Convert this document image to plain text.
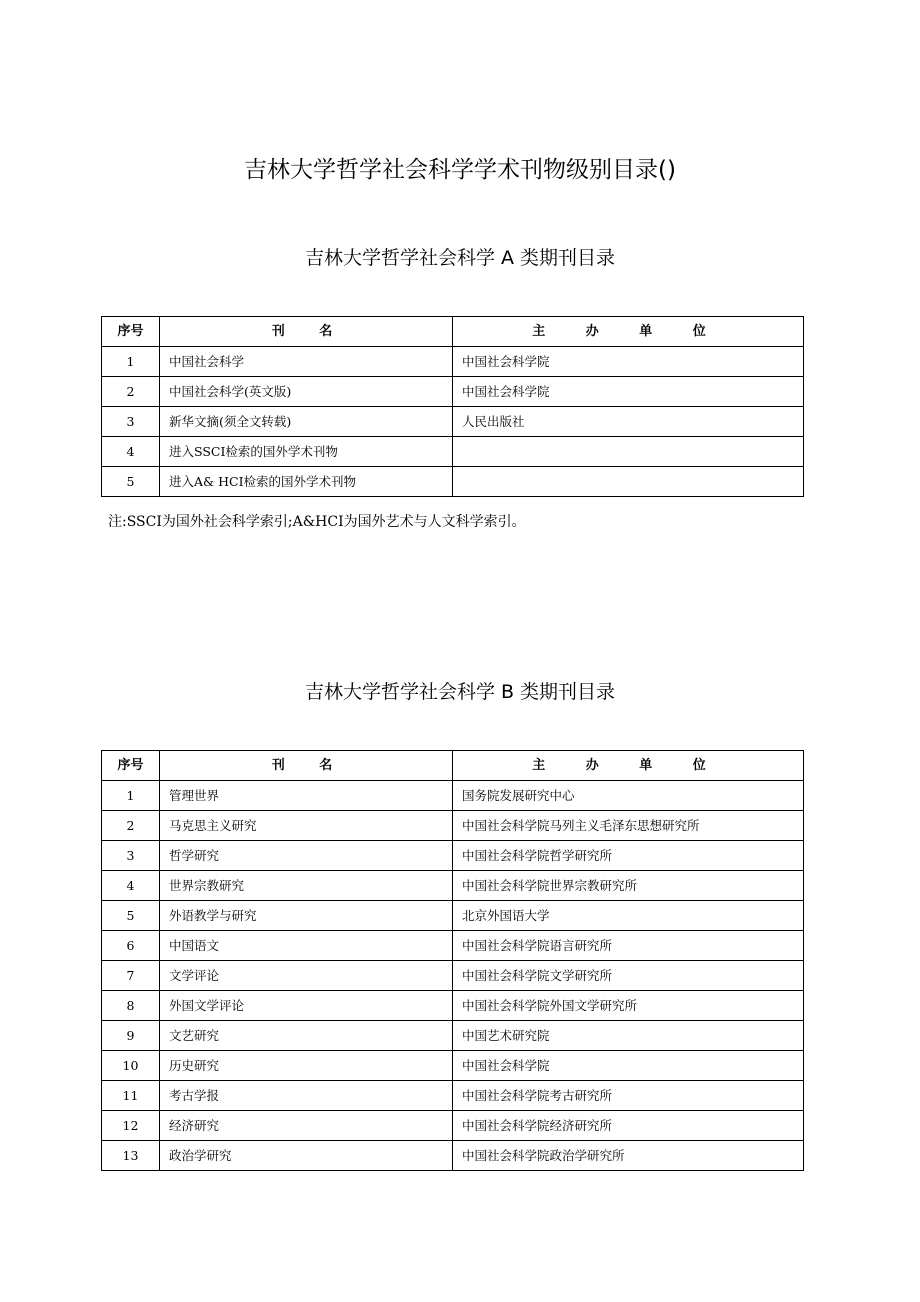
吉林大学哲学社会科学学术刊物级别目录()
吉林大学哲学社会科学 A 类期刊目录
序号	刊 名	主 办 单 位
1	中国社会科学	中国社会科学院
2	中国社会科学(英文版)	中国社会科学院
3	新华文摘(须全文转载)	人民出版社
4	进入SSCI检索的国外学术刊物	
5	进入A& HCI检索的国外学术刊物	

注:SSCI为国外社会科学索引;A&HCI为国外艺术与人文科学索引。

吉林大学哲学社会科学 B 类期刊目录
序号	刊 名	主 办 单 位
1	管理世界	国务院发展研究中心
2	马克思主义研究	中国社会科学院马列主义毛泽东思想研究所
3	哲学研究	中国社会科学院哲学研究所
4	世界宗教研究	中国社会科学院世界宗教研究所
5	外语教学与研究	北京外国语大学
6	中国语文	中国社会科学院语言研究所
7	文学评论	中国社会科学院文学研究所
8	外国文学评论	中国社会科学院外国文学研究所
9	文艺研究	中国艺术研究院
10	历史研究	中国社会科学院
11	考古学报	中国社会科学院考古研究所
12	经济研究	中国社会科学院经济研究所
13	政治学研究	中国社会科学院政治学研究所
